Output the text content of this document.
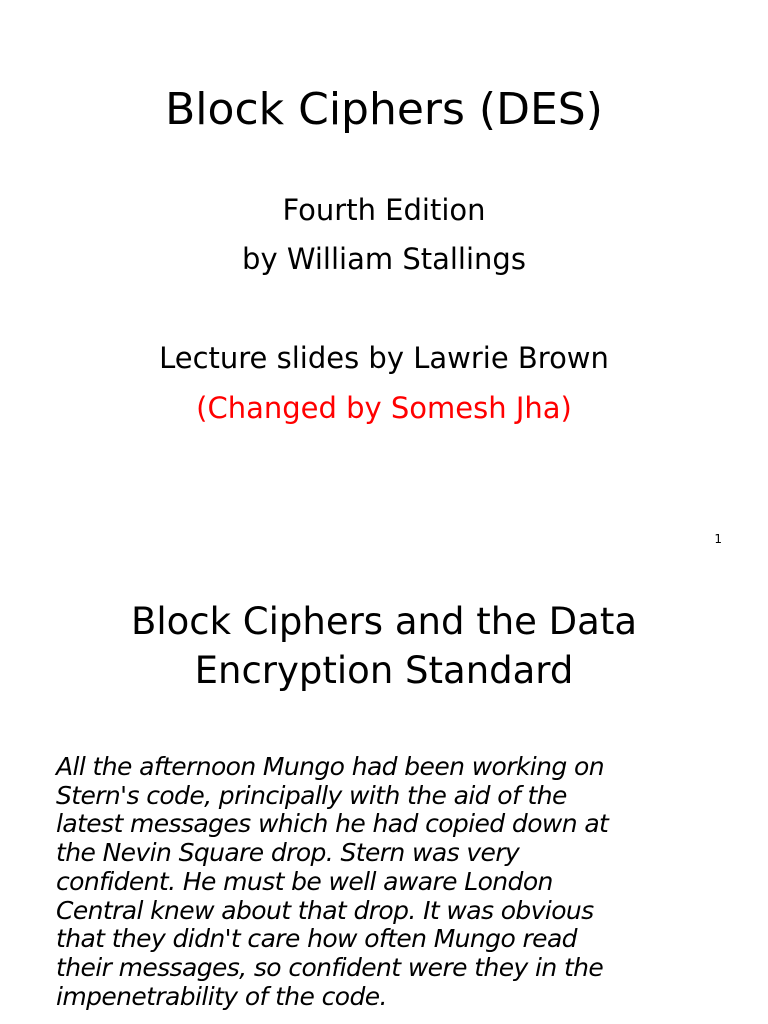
Block Ciphers (DES)
Fourth Edition
by William Stallings
Lecture slides by Lawrie Brown
(Changed by Somesh Jha)
1
Block Ciphers and the Data
Encryption Standard

All the afternoon Mungo had been working on
Stern's code, principally with the aid of the
latest messages which he had copied down at
the Nevin Square drop. Stern was very
confident. He must be well aware London
Central knew about that drop. It was obvious
that they didn't care how often Mungo read
their messages, so confident were they in the
impenetrability of the code.
